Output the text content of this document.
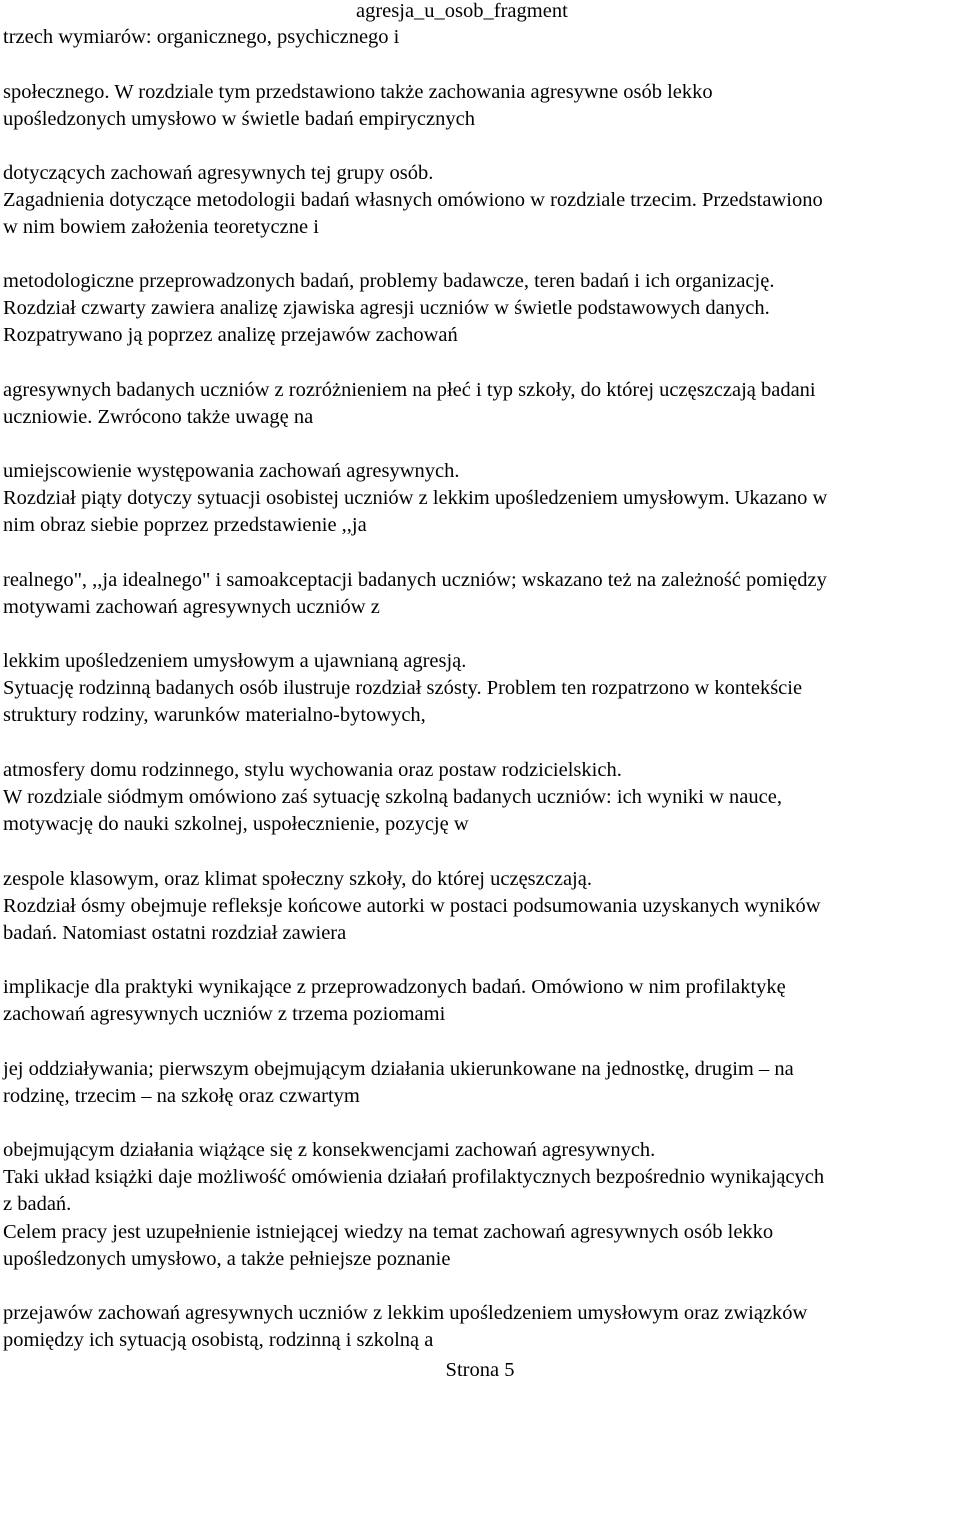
agresja_u_osob_fragment

trzech wymiarów: organicznego, psychicznego i

społecznego. W rozdziale tym przedstawiono także zachowania agresywne osób lekko

upośledzonych umysłowo w świetle badań empirycznych

dotyczących zachowań agresywnych tej grupy osób.

Zagadnienia dotyczące metodologii badań własnych omówiono w rozdziale trzecim. Przedstawiono

w nim bowiem założenia teoretyczne i

metodologiczne przeprowadzonych badań, problemy badawcze, teren badań i ich organizację.

Rozdział czwarty zawiera analizę zjawiska agresji uczniów w świetle podstawowych danych.

Rozpatrywano ją poprzez analizę przejawów zachowań

agresywnych badanych uczniów z rozróżnieniem na płeć i typ szkoły, do której uczęszczają badani

uczniowie. Zwrócono także uwagę na

umiejscowienie występowania zachowań agresywnych.

Rozdział piąty dotyczy sytuacji osobistej uczniów z lekkim upośledzeniem umysłowym. Ukazano w

nim obraz siebie poprzez przedstawienie ,,ja

realnego", ,,ja idealnego" i samoakceptacji badanych uczniów; wskazano też na zależność pomiędzy

motywami zachowań agresywnych uczniów z

lekkim upośledzeniem umysłowym a ujawnianą agresją.

Sytuację rodzinną badanych osób ilustruje rozdział szósty. Problem ten rozpatrzono w kontekście

struktury rodziny, warunków materialno-bytowych,

atmosfery domu rodzinnego, stylu wychowania oraz postaw rodzicielskich.

W rozdziale siódmym omówiono zaś sytuację szkolną badanych uczniów: ich wyniki w nauce,

motywację do nauki szkolnej, uspołecznienie, pozycję w

zespole klasowym, oraz klimat społeczny szkoły, do której uczęszczają.

Rozdział ósmy obejmuje refleksje końcowe autorki w postaci podsumowania uzyskanych wyników

badań. Natomiast ostatni rozdział zawiera

implikacje dla praktyki wynikające z przeprowadzonych badań. Omówiono w nim profilaktykę

zachowań agresywnych uczniów z trzema poziomami

jej oddziaływania; pierwszym obejmującym działania ukierunkowane na jednostkę, drugim – na

rodzinę, trzecim – na szkołę oraz czwartym

obejmującym działania wiążące się z konsekwencjami zachowań agresywnych.

Taki układ książki daje możliwość omówienia działań profilaktycznych bezpośrednio wynikających

z badań.

Celem pracy jest uzupełnienie istniejącej wiedzy na temat zachowań agresywnych osób lekko

upośledzonych umysłowo, a także pełniejsze poznanie

przejawów zachowań agresywnych uczniów z lekkim upośledzeniem umysłowym oraz związków

pomiędzy ich sytuacją osobistą, rodzinną i szkolną a

Strona 5
